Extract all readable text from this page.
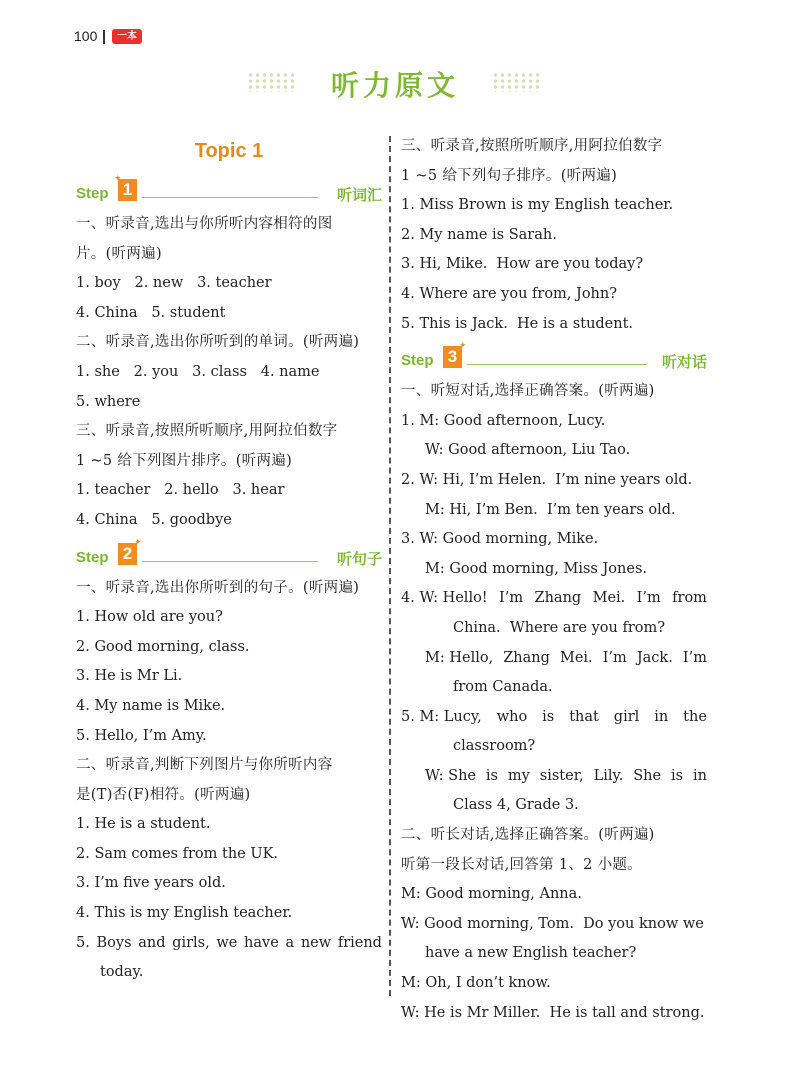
100	一本
听力原文
Topic 1
Step 1
✦
听词汇
一、听录音,选出与你所听内容相符的图
片。(听两遍)
1. boy   2. new   3. teacher
4. China   5. student
二、听录音,选出你所听到的单词。(听两遍)
1. she   2. you   3. class   4. name
5. where
三、听录音,按照所听顺序,用阿拉伯数字
1 ~5 给下列图片排序。(听两遍)
1. teacher   2. hello   3. hear
4. China   5. goodbye
Step 2
✦
听句子
一、听录音,选出你所听到的句子。(听两遍)
1. How old are you?
2. Good morning, class.
3. He is Mr Li.
4. My name is Mike.
5. Hello, I’m Amy.
二、听录音,判断下列图片与你所听内容
是(T)否(F)相符。(听两遍)
1. He is a student.
2. Sam comes from the UK.
3. I’m five years old.
4. This is my English teacher.
5. Boys and girls, we have a new friend
today.
三、听录音,按照所听顺序,用阿拉伯数字
1 ~5 给下列句子排序。(听两遍)
1. Miss Brown is my English teacher.
2. My name is Sarah.
3. Hi, Mike.  How are you today?
4. Where are you from, John?
5. This is Jack.  He is a student.
Step 3
✦
听对话
一、听短对话,选择正确答案。(听两遍)
1. M: Good afternoon, Lucy.
W: Good afternoon, Liu Tao.
2. W: Hi, I’m Helen.  I’m nine years old.
M: Hi, I’m Ben.  I’m ten years old.
3. W: Good morning, Mike.
M: Good morning, Miss Jones.
4. W: Hello! I’m Zhang Mei. I’m from
China.  Where are you from?
M: Hello, Zhang Mei. I’m Jack. I’m
from Canada.
5. M: Lucy, who is that girl in the
classroom?
W: She is my sister, Lily. She is in
Class 4, Grade 3.
二、听长对话,选择正确答案。(听两遍)
听第一段长对话,回答第 1、2 小题。
M: Good morning, Anna.
W: Good morning, Tom.  Do you know we
have a new English teacher?
M: Oh, I don’t know.
W: He is Mr Miller.  He is tall and strong.
